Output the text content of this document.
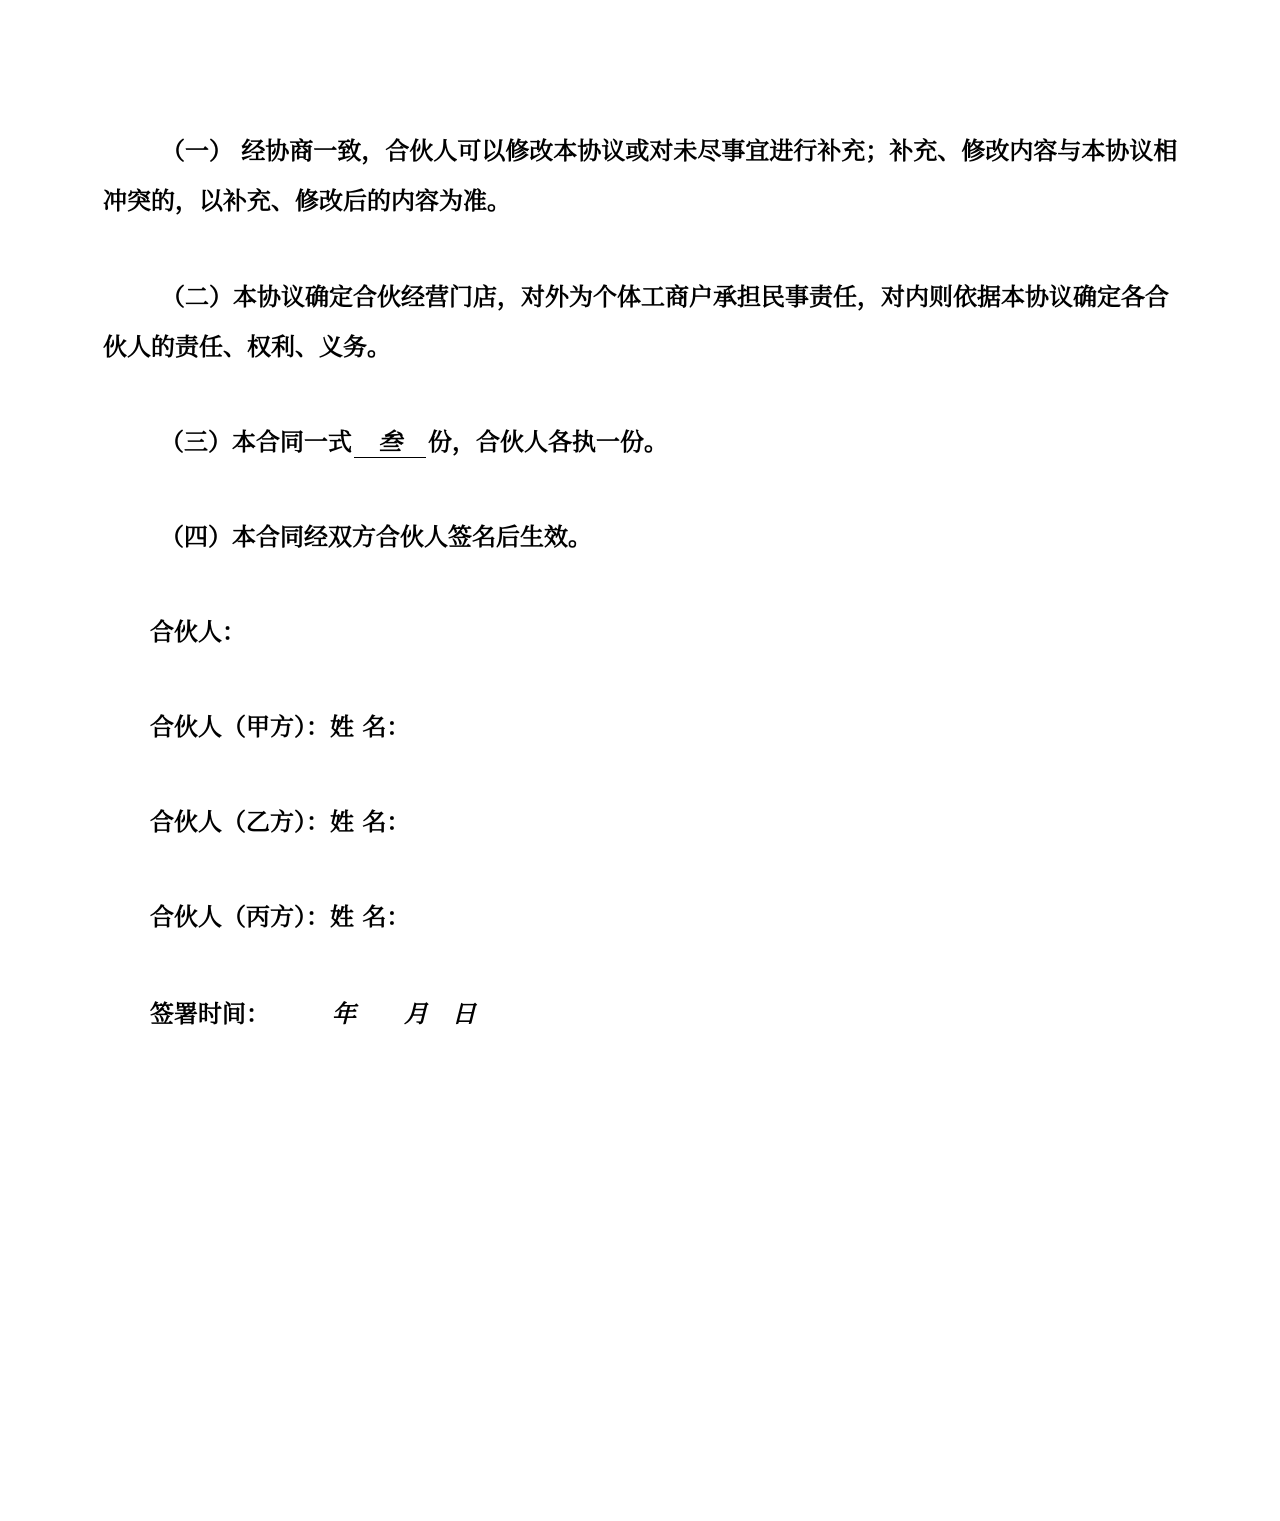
（一） 经协商一致，合伙人可以修改本协议或对未尽事宜进行补充；补充、修改内容与本协议相
冲突的，以补充、修改后的内容为准。
（二）本协议确定合伙经营门店，对外为个体工商户承担民事责任，对内则依据本协议确定各合
伙人的责任、权利、义务。
（三）本合同一式 叁 份，合伙人各执一份。
（四）本合同经双方合伙人签名后生效。
合伙人：
合伙人（甲方）：姓 名：
合伙人（乙方）：姓 名：
合伙人（丙方）：姓 名：
签署时间：	年 月 日
